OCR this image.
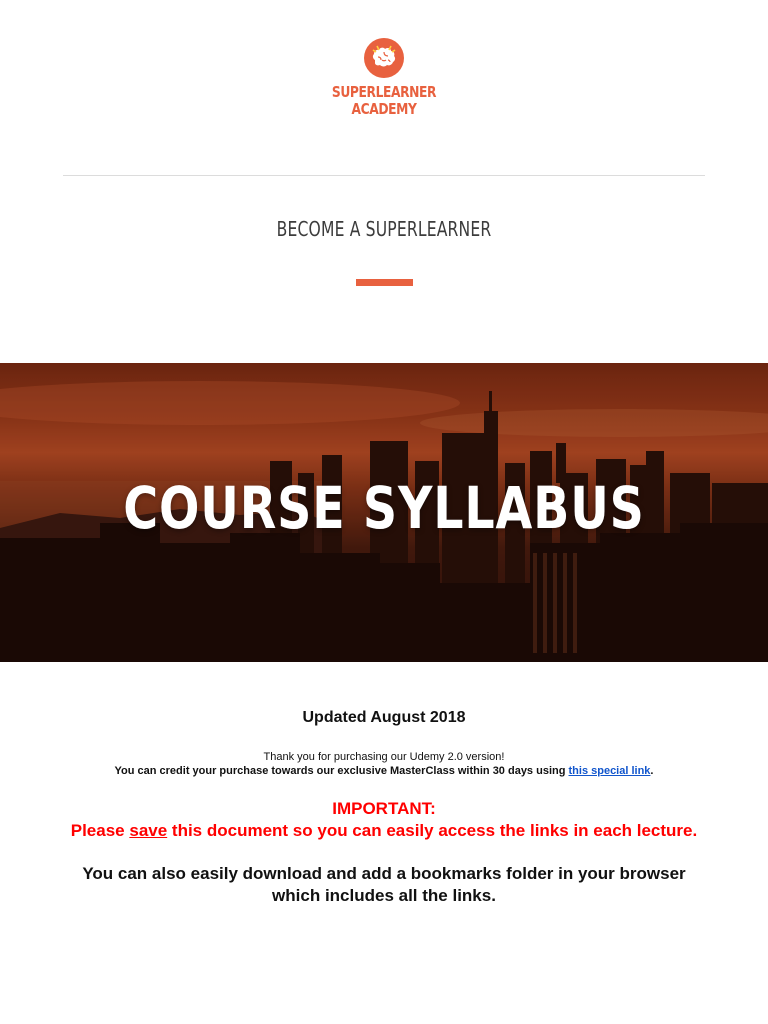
SUPERLEARNER
ACADEMY
BECOME A SUPERLEARNER
COURSE SYLLABUS
Updated August 2018
Thank you for purchasing our Udemy 2.0 version!
You can credit your purchase towards our exclusive MasterClass within 30 days using this special link.
IMPORTANT:
Please save this document so you can easily access the links in each lecture.
You can also easily download and add a bookmarks folder in your browser
which includes all the links.
